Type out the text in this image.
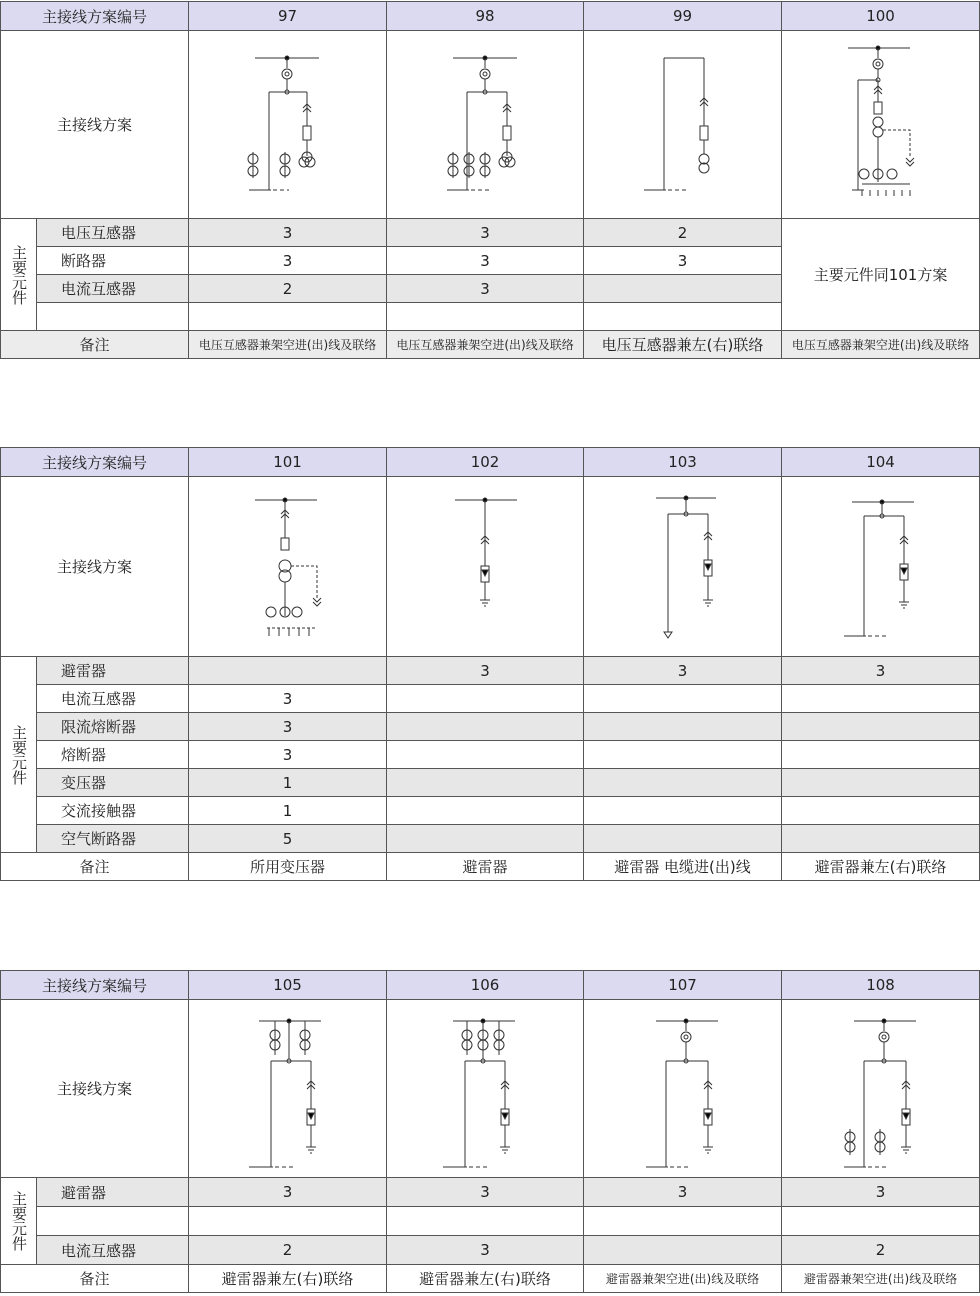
主接线方案编号		97	98	99	100
主接线方案	

主要元件	电压互感器	3	3	2	主要元件同101方案
	断路器	3	3	3	
	电流互感器	2	3		

备注		电压互感器兼架空进(出)线及联络	电压互感器兼架空进(出)线及联络	电压互感器兼左(右)联络	电压互感器兼架空进(出)线及联络
主接线方案编号		101	102	103	104
主接线方案	

主要元件	避雷器		3	3	3
	电流互感器	3			
	限流熔断器	3			
	熔断器	3			
	变压器	1			
	交流接触器	1			
	空气断路器	5			
备注		所用变压器	避雷器	避雷器 电缆进(出)线	避雷器兼左(右)联络
主接线方案编号		105	106	107	108
主接线方案	

主要元件	避雷器	3	3	3	3

	电流互感器	2	3		2
备注		避雷器兼左(右)联络	避雷器兼左(右)联络	避雷器兼架空进(出)线及联络	避雷器兼架空进(出)线及联络
